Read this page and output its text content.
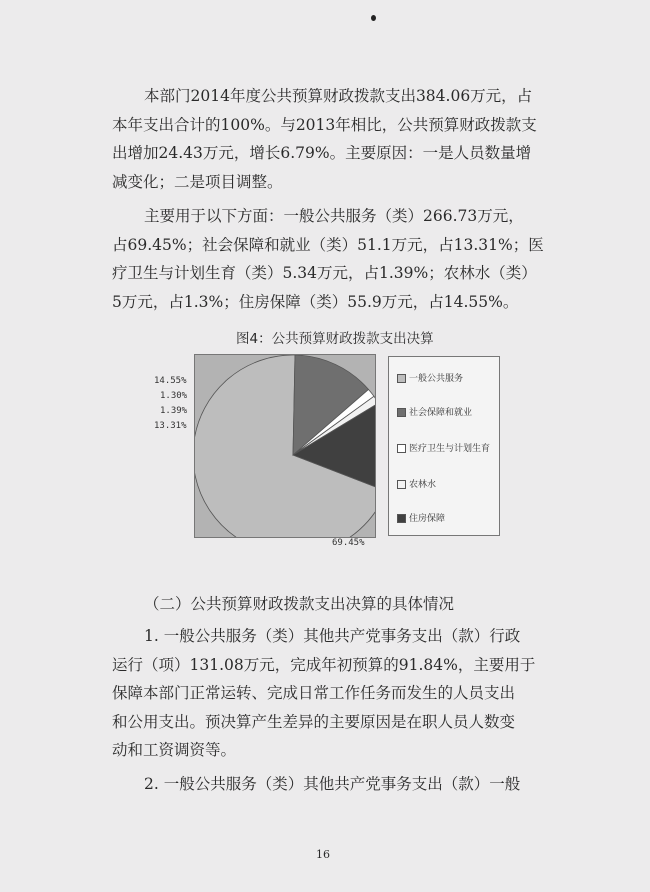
本部门2014年度公共预算财政拨款支出384.06万元，占
本年支出合计的100%。与2013年相比，公共预算财政拨款支
出增加24.43万元，增长6.79%。主要原因：一是人员数量增
减变化；二是项目调整。

主要用于以下方面：一般公共服务（类）266.73万元，
占69.45%；社会保障和就业（类）51.1万元，占13.31%；医
疗卫生与计划生育（类）5.34万元，占1.39%；农林水（类）
5万元，占1.3%；住房保障（类）55.9万元，占14.55%。

图4：公共预算财政拨款支出决算
14.55%
1.30%
1.39%
13.31%
69.45%
一般公共服务
社会保障和就业
医疗卫生与计划生育
农林水
住房保障
（二）公共预算财政拨款支出决算的具体情况

1. 一般公共服务（类）其他共产党事务支出（款）行政
运行（项）131.08万元，完成年初预算的91.84%，主要用于
保障本部门正常运转、完成日常工作任务而发生的人员支出
和公用支出。预决算产生差异的主要原因是在职人员人数变
动和工资调资等。

2. 一般公共服务（类）其他共产党事务支出（款）一般

16
